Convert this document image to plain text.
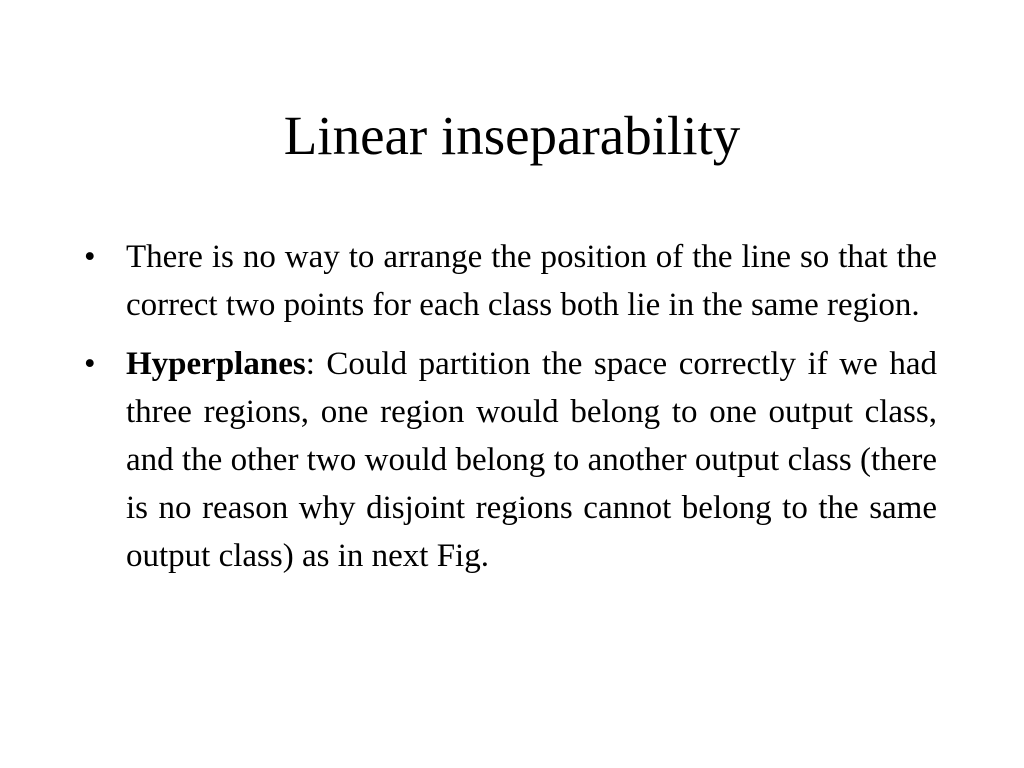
Linear inseparability
• There is no way to arrange the position of the line so that the correct two points for each class both lie in the same region.
• Hyperplanes: Could partition the space correctly if we had three regions, one region would belong to one output class, and the other two would belong to another output class (there is no reason why disjoint regions cannot belong to the same output class) as in next Fig.
